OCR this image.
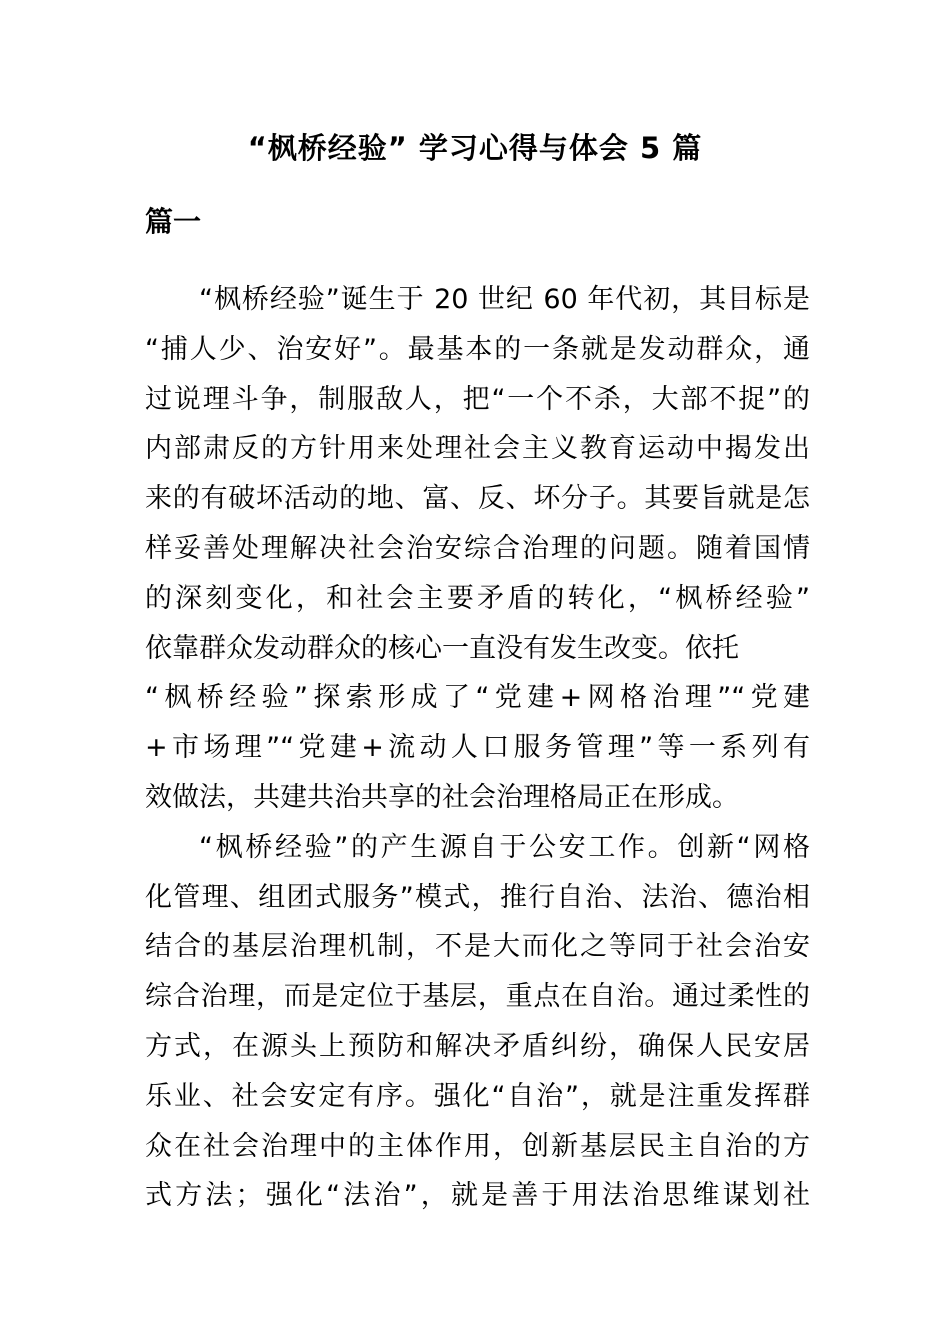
“枫桥经验” 学习心得与体会 5 篇
篇一
“枫桥经验”诞生于 20 世纪 60 年代初，其目标是
“捕人少、治安好”。最基本的一条就是发动群众，通
过说理斗争，制服敌人，把“一个不杀，大部不捉”的
内部肃反的方针用来处理社会主义教育运动中揭发出
来的有破坏活动的地、富、反、坏分子。其要旨就是怎
样妥善处理解决社会治安综合治理的问题。随着国情
的深刻变化，和社会主要矛盾的转化，“枫桥经验”
依靠群众发动群众的核心一直没有发生改变。依托
“枫桥经验”探索形成了“党建+网格治理”“党建
+市场理”“党建+流动人口服务管理”等一系列有
效做法，共建共治共享的社会治理格局正在形成。
“枫桥经验”的产生源自于公安工作。创新“网格
化管理、组团式服务”模式，推行自治、法治、德治相
结合的基层治理机制，不是大而化之等同于社会治安
综合治理，而是定位于基层，重点在自治。通过柔性的
方式，在源头上预防和解决矛盾纠纷，确保人民安居
乐业、社会安定有序。强化“自治”，就是注重发挥群
众在社会治理中的主体作用，创新基层民主自治的方
式方法；强化“法治”，就是善于用法治思维谋划社
